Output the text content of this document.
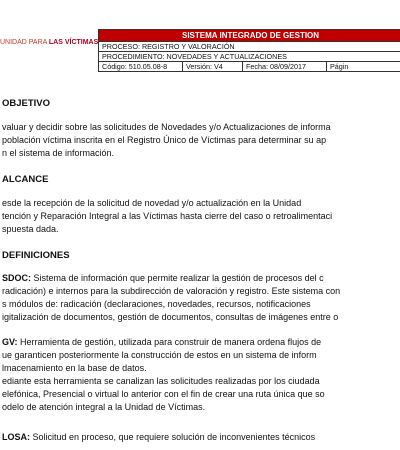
UNIDAD PARA LAS VÍCTIMAS
SISTEMA INTEGRADO DE GESTION
PROCESO: REGISTRO Y VALORACIÓN
PROCEDIMIENTO: NOVEDADES Y ACTUALIZACIONES
Código: 510.05.08-8	Versión: V4	Fecha: 08/09/2017	Págin
OBJETIVO
valuar y decidir sobre las solicitudes de Novedades y/o Actualizaciones de informa
población víctima inscrita en el Registro Único de Víctimas para determinar su ap
n el sistema de información.
ALCANCE
esde la recepción de la solicitud de novedad y/o actualización en la Unidad
tención y Reparación Integral a las Víctimas hasta cierre del caso o retroalimentaci
spuesta dada.
DEFINICIONES
SDOC: Sistema de información que permite realizar la gestión de procesos del c
radicación) e internos para la subdirección de valoración y registro. Este sistema con
s módulos de: radicación (declaraciones, novedades, recursos, notificaciones
igitalización de documentos, gestión de documentos, consultas de imágenes entre o
GV: Herramienta de gestión, utilizada para construir de manera ordena flujos de
ue garanticen posteriormente la construcción de estos en un sistema de inform
lmacenamiento en la base de datos.
ediante esta herramienta se canalizan las solicitudes realizadas por los ciudada
elefónica, Presencial o virtual lo anterior con el fin de crear una ruta única que so
odelo de atención integral a la Unidad de Víctimas.
LOSA: Solicitud en proceso, que requiere solución de inconvenientes técnicos
